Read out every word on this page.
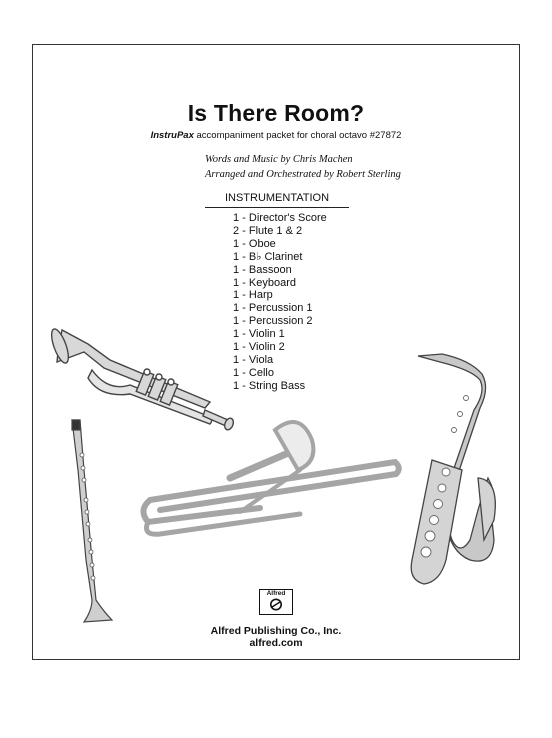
Is There Room?
InstruPax accompaniment packet for choral octavo #27872
Words and Music by Chris Machen
Arranged and Orchestrated by Robert Sterling
INSTRUMENTATION
1 - Director's Score
2 - Flute 1 & 2
1 - Oboe
1 - B♭ Clarinet
1 - Bassoon
1 - Keyboard
1 - Harp
1 - Percussion 1
1 - Percussion 2
1 - Violin 1
1 - Violin 2
1 - Viola
1 - Cello
1 - String Bass
Alfred
Alfred Publishing Co., Inc.
alfred.com
